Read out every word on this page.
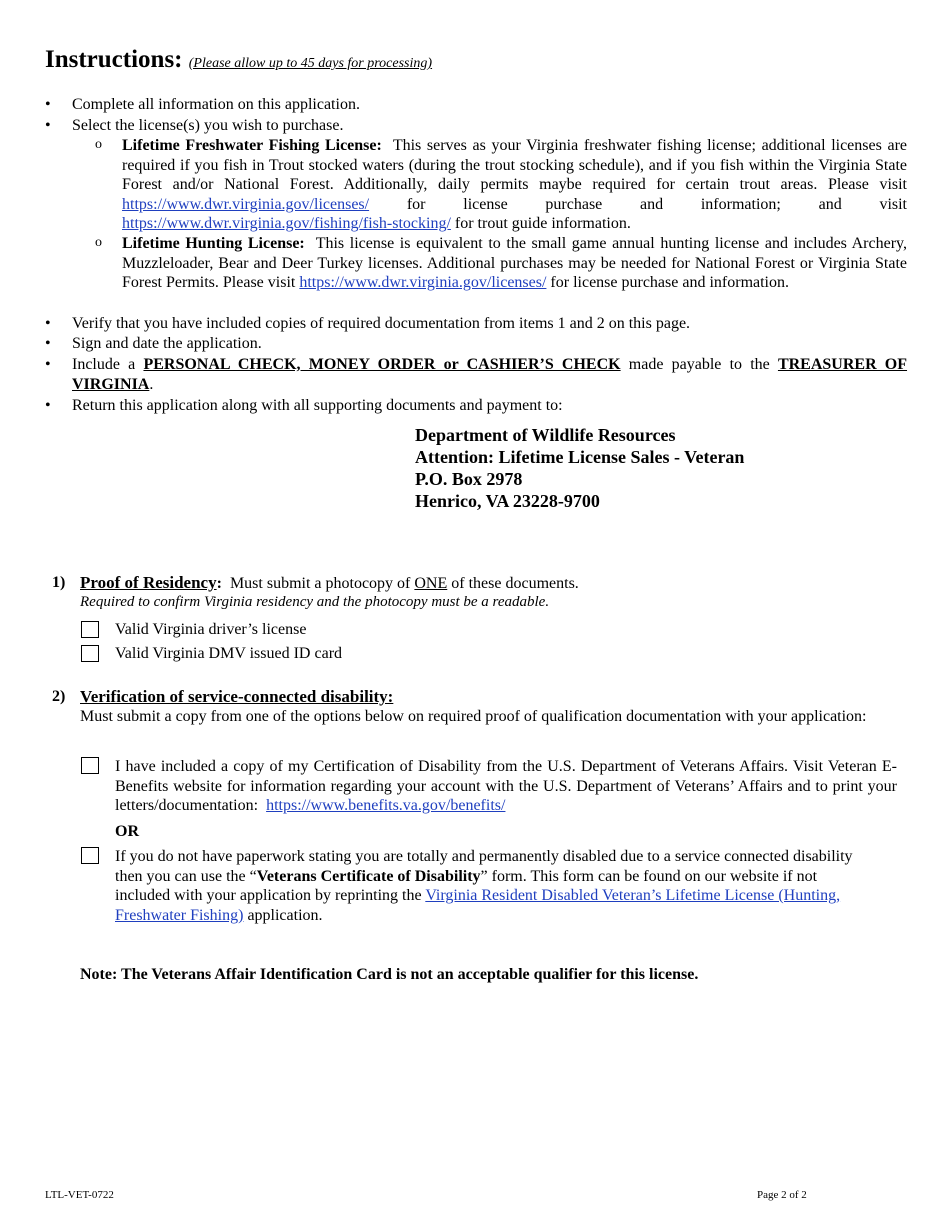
Instructions: (Please allow up to 45 days for processing)
• Complete all information on this application.
• Select the license(s) you wish to purchase.
o Lifetime Freshwater Fishing License: This serves as your Virginia freshwater fishing license; additional licenses are required if you fish in Trout stocked waters (during the trout stocking schedule), and if you fish within the Virginia State Forest and/or National Forest. Additionally, daily permits maybe required for certain trout areas. Please visit https://www.dwr.virginia.gov/licenses/ for license purchase and information; and visit https://www.dwr.virginia.gov/fishing/fish-stocking/ for trout guide information.
o Lifetime Hunting License: This license is equivalent to the small game annual hunting license and includes Archery, Muzzleloader, Bear and Deer Turkey licenses. Additional purchases may be needed for National Forest or Virginia State Forest Permits. Please visit https://www.dwr.virginia.gov/licenses/ for license purchase and information.
• Verify that you have included copies of required documentation from items 1 and 2 on this page.
• Sign and date the application.
• Include a PERSONAL CHECK, MONEY ORDER or CASHIER’S CHECK made payable to the TREASURER OF VIRGINIA.
• Return this application along with all supporting documents and payment to:
Department of Wildlife Resources
Attention: Lifetime License Sales - Veteran
P.O. Box 2978
Henrico, VA 23228-9700
1) Proof of Residency: Must submit a photocopy of ONE of these documents.
Required to confirm Virginia residency and the photocopy must be a readable.
Valid Virginia driver’s license
Valid Virginia DMV issued ID card
2) Verification of service-connected disability:
Must submit a copy from one of the options below on required proof of qualification documentation with your application:
I have included a copy of my Certification of Disability from the U.S. Department of Veterans Affairs. Visit Veteran E-Benefits website for information regarding your account with the U.S. Department of Veterans’ Affairs and to print your letters/documentation: https://www.benefits.va.gov/benefits/
OR
If you do not have paperwork stating you are totally and permanently disabled due to a service connected disability then you can use the “Veterans Certificate of Disability” form. This form can be found on our website if not included with your application by reprinting the Virginia Resident Disabled Veteran’s Lifetime License (Hunting, Freshwater Fishing) application.
Note: The Veterans Affair Identification Card is not an acceptable qualifier for this license.
LTL-VET-0722	Page 2 of 2
